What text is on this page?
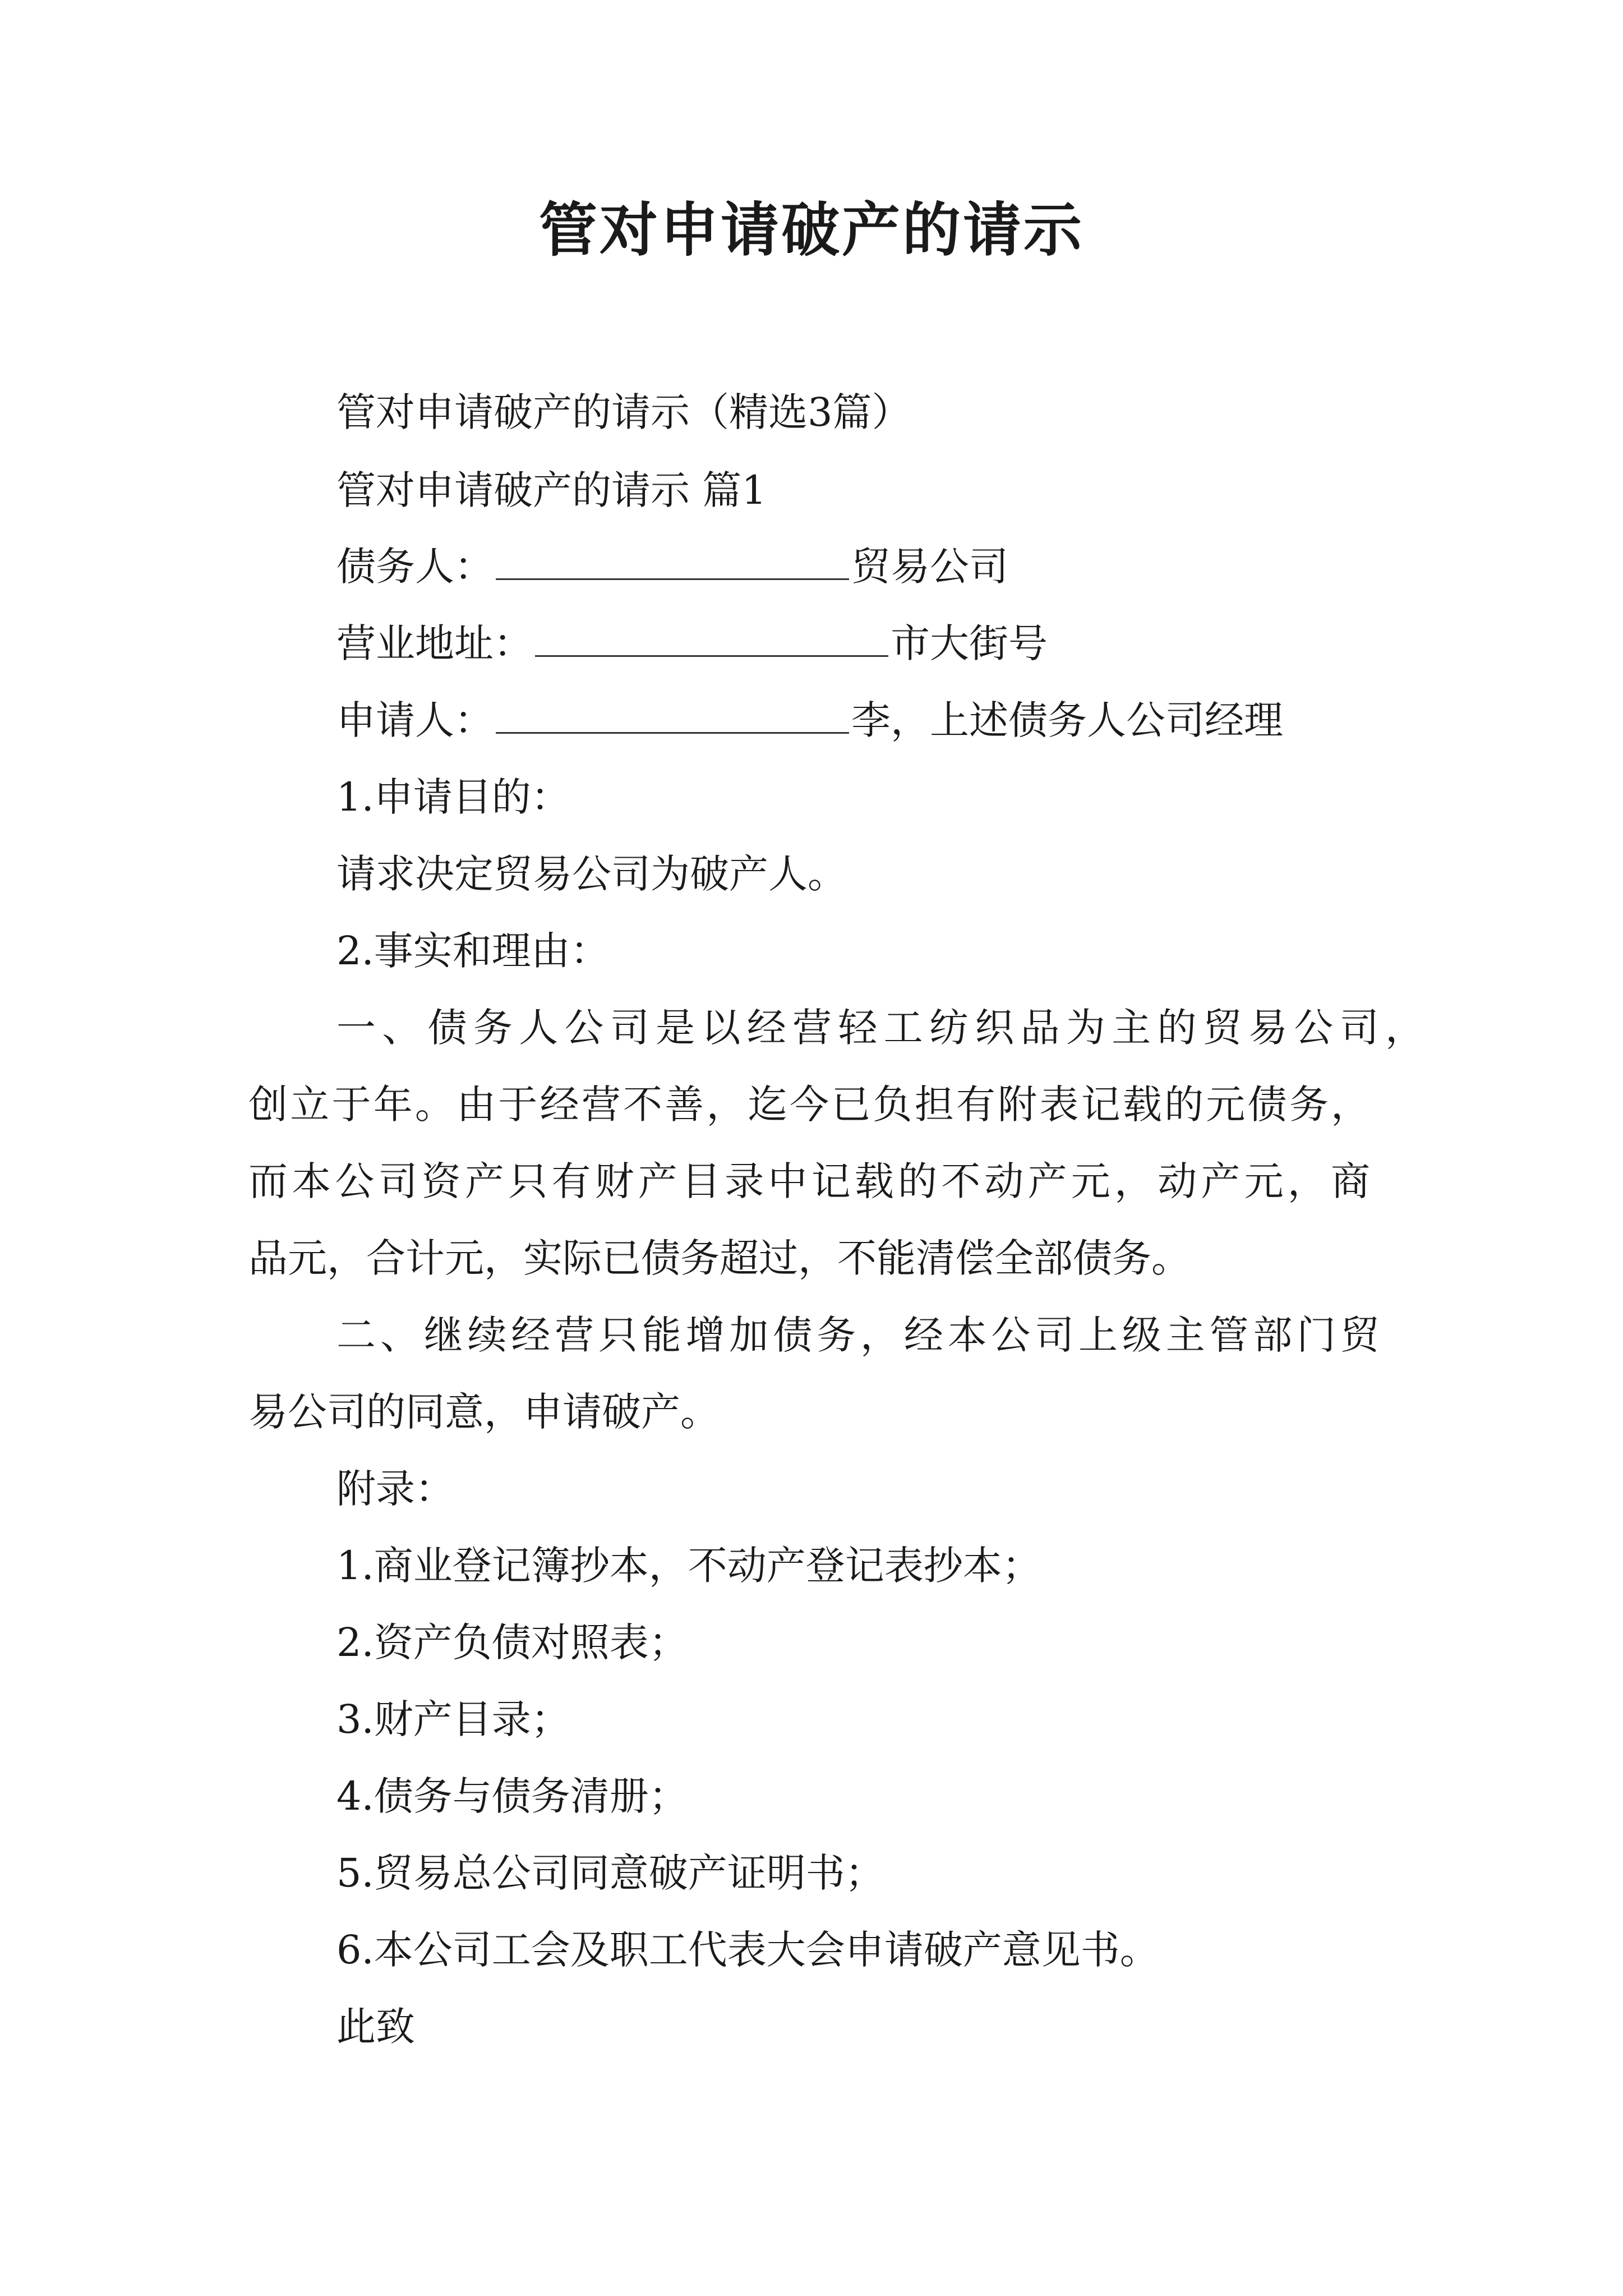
管对申请破产的请示
管对申请破产的请示（精选3篇）
管对申请破产的请示 篇1
债务人：	贸易公司
营业地址：	市大街号
申请人：	李，上述债务人公司经理
1.申请目的：
请求决定贸易公司为破产人。
2.事实和理由：
一、债务人公司是以经营轻工纺织品为主的贸易公司，
创立于年。由于经营不善，迄今已负担有附表记载的元债务，
而本公司资产只有财产目录中记载的不动产元，动产元，商
品元，合计元，实际已债务超过，不能清偿全部债务。
二、继续经营只能增加债务，经本公司上级主管部门贸
易公司的同意，申请破产。
附录：
1.商业登记簿抄本，不动产登记表抄本；
2.资产负债对照表；
3.财产目录；
4.债务与债务清册；
5.贸易总公司同意破产证明书；
6.本公司工会及职工代表大会申请破产意见书。
此致
